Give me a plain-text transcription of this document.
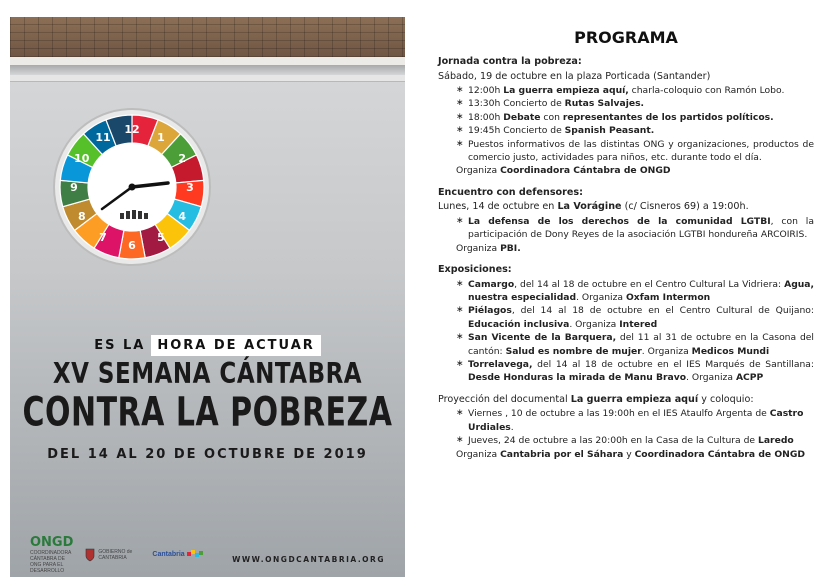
12
1
2
3
4
5
6
7
8
9
10
11
ES LA HORA DE ACTUAR
XV SEMANA CÁNTABRA
CONTRA LA POBREZA
DEL 14 AL 20 DE OCTUBRE DE 2019
ONGD
COORDINADORA CÁNTABRA DE ONG PARA EL DESARROLLO
GOBIERNO de CANTABRIA	Cantabria
WWW.ONGDCANTABRIA.ORG
PROGRAMA
Jornada contra la pobreza:
Sábado, 19 de octubre en la plaza Porticada (Santander)
∗ 12:00h La guerra empieza aquí, charla-coloquio con Ramón Lobo.
∗ 13:30h Concierto de Rutas Salvajes.
∗ 18:00h Debate con representantes de los partidos políticos.
∗ 19:45h Concierto de Spanish Peasant.
∗ Puestos informativos de las distintas ONG y organizaciones, productos de comercio justo, actividades para niños, etc. durante todo el día.
Organiza Coordinadora Cántabra de ONGD
Encuentro con defensores:
Lunes, 14 de octubre en La Vorágine (c/ Cisneros 69) a 19:00h.
∗ La defensa de los derechos de la comunidad LGTBI, con la participación de Dony Reyes de la asociación LGTBI hondureña ARCOIRIS.
Organiza PBI.
Exposiciones:
∗ Camargo, del 14 al 18 de octubre en el Centro Cultural La Vidriera: Agua, nuestra especialidad. Organiza Oxfam Intermon
∗ Piélagos, del 14 al 18 de octubre en el Centro Cultural de Quijano: Educación inclusiva. Organiza Intered
∗ San Vicente de la Barquera, del 11 al 31 de octubre en la Casona del cantón: Salud es nombre de mujer. Organiza Medicos Mundi
∗ Torrelavega, del 14 al 18 de octubre en el IES Marqués de Santillana: Desde Honduras la mirada de Manu Bravo. Organiza ACPP
Proyección del documental La guerra empieza aquí y coloquio:
∗ Viernes , 10 de octubre a las 19:00h en el IES Ataulfo Argenta de Castro Urdiales.
∗ Jueves, 24 de octubre a las 20:00h en la Casa de la Cultura de Laredo
Organiza Cantabria por el Sáhara y Coordinadora Cántabra de ONGD
